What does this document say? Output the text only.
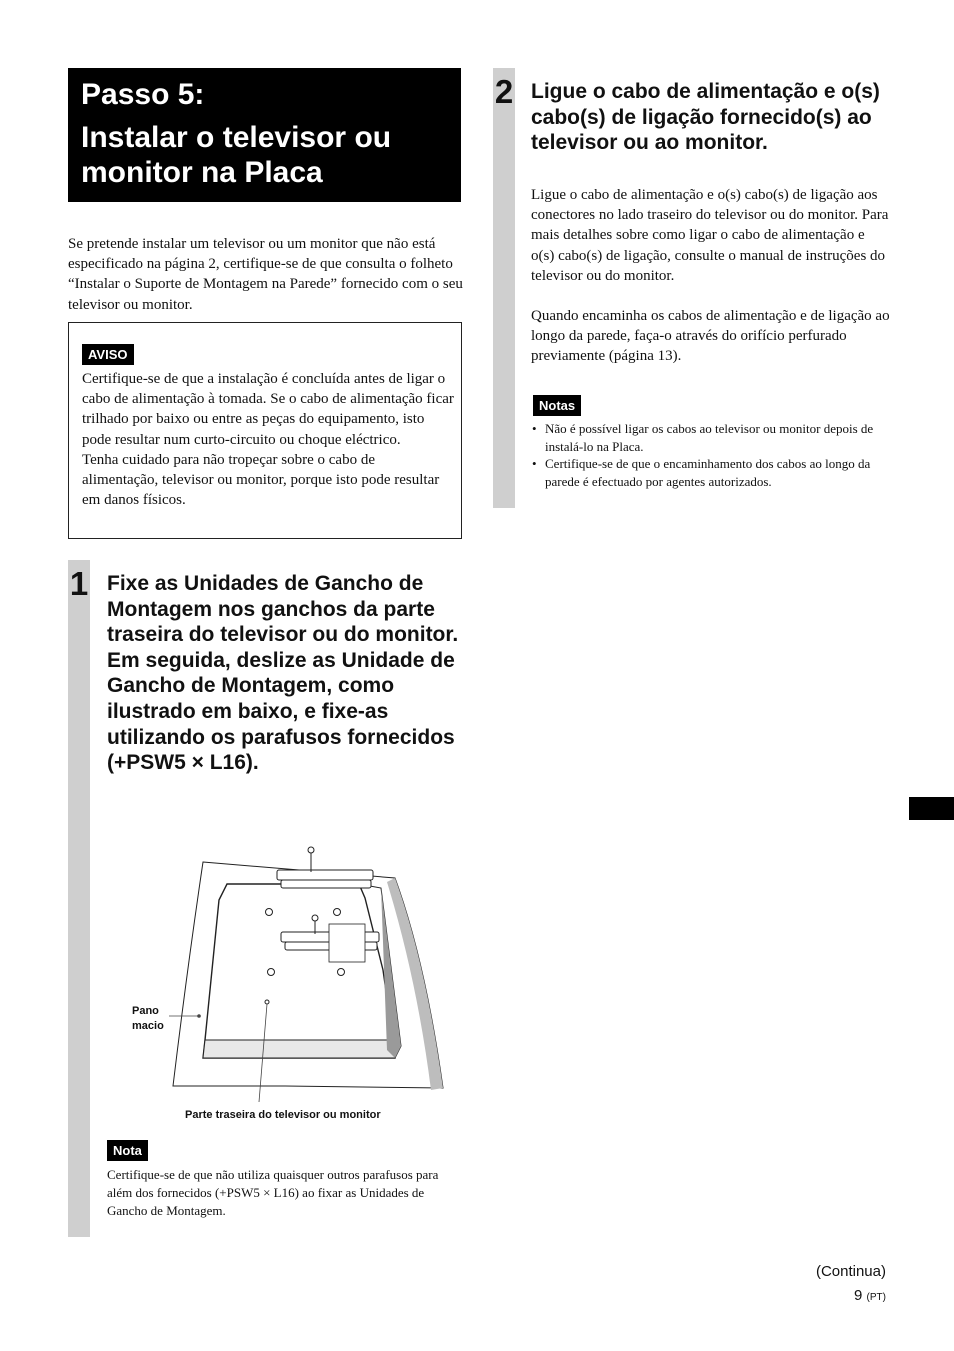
Passo 5:
Instalar o televisor ou monitor na Placa
Se pretende instalar um televisor ou um monitor que não está especificado na página 2, certifique-se de que consulta o folheto “Instalar o Suporte de Montagem na Parede” fornecido com o seu televisor ou monitor.
AVISO
Certifique-se de que a instalação é concluída antes de ligar o cabo de alimentação à tomada. Se o cabo de alimentação ficar trilhado por baixo ou entre as peças do equipamento, isto pode resultar num curto-circuito ou choque eléctrico.
Tenha cuidado para não tropeçar sobre o cabo de alimentação, televisor ou monitor, porque isto pode resultar em danos físicos.
1 Fixe as Unidades de Gancho de Montagem nos ganchos da parte traseira do televisor ou do monitor. Em seguida, deslize as Unidade de Gancho de Montagem, como ilustrado em baixo, e fixe-as utilizando os parafusos fornecidos (+PSW5 × L16).
Pano macio
Parte traseira do televisor ou monitor
Nota
Certifique-se de que não utiliza quaisquer outros parafusos para além dos fornecidos (+PSW5 × L16) ao fixar as Unidades de Gancho de Montagem.
2 Ligue o cabo de alimentação e o(s) cabo(s) de ligação fornecido(s) ao televisor ou ao monitor.
Ligue o cabo de alimentação e o(s) cabo(s) de ligação aos conectores no lado traseiro do televisor ou do monitor. Para mais detalhes sobre como ligar o cabo de alimentação e o(s) cabo(s) de ligação, consulte o manual de instruções do televisor ou do monitor.
Quando encaminha os cabos de alimentação e de ligação ao longo da parede, faça-o através do orifício perfurado previamente (página 13).
Notas
• Não é possível ligar os cabos ao televisor ou monitor depois de instalá-lo na Placa.
• Certifique-se de que o encaminhamento dos cabos ao longo da parede é efectuado por agentes autorizados.
(Continua)
9 (PT)
